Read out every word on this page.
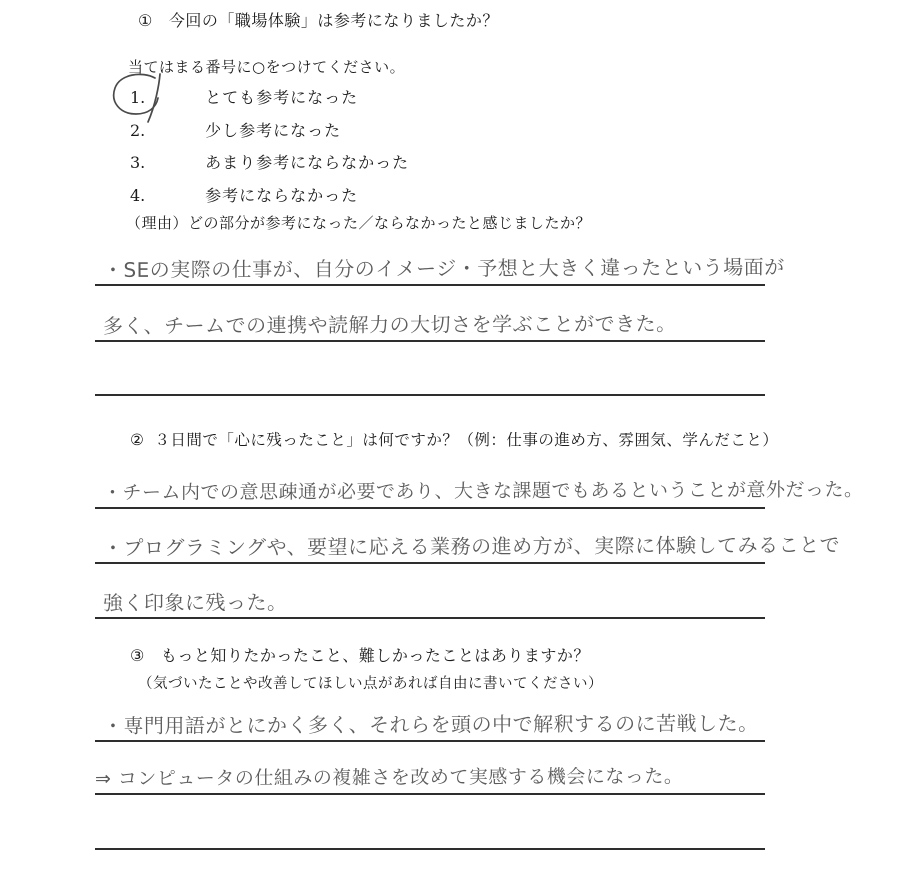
① 今回の「職場体験」は参考になりましたか？
当てはまる番号に○をつけてください。
1.	とても参考になった
2.	少し参考になった
3.	あまり参考にならなかった
4.	参考にならなかった
（理由）どの部分が参考になった／ならなかったと感じましたか？
・SEの実際の仕事が、自分のイメージ・予想と大きく違ったという場面が
多く、チームでの連携や読解力の大切さを学ぶことができた。
② ３日間で「心に残ったこと」は何ですか？（例：仕事の進め方、雰囲気、学んだこと）
・チーム内での意思疎通が必要であり、大きな課題でもあるということが意外だった。
・プログラミングや、要望に応える業務の進め方が、実際に体験してみることで
強く印象に残った。
③ もっと知りたかったこと、難しかったことはありますか？
（気づいたことや改善してほしい点があれば自由に書いてください）
・専門用語がとにかく多く、それらを頭の中で解釈するのに苦戦した。
⇒ コンピュータの仕組みの複雑さを改めて実感する機会になった。
